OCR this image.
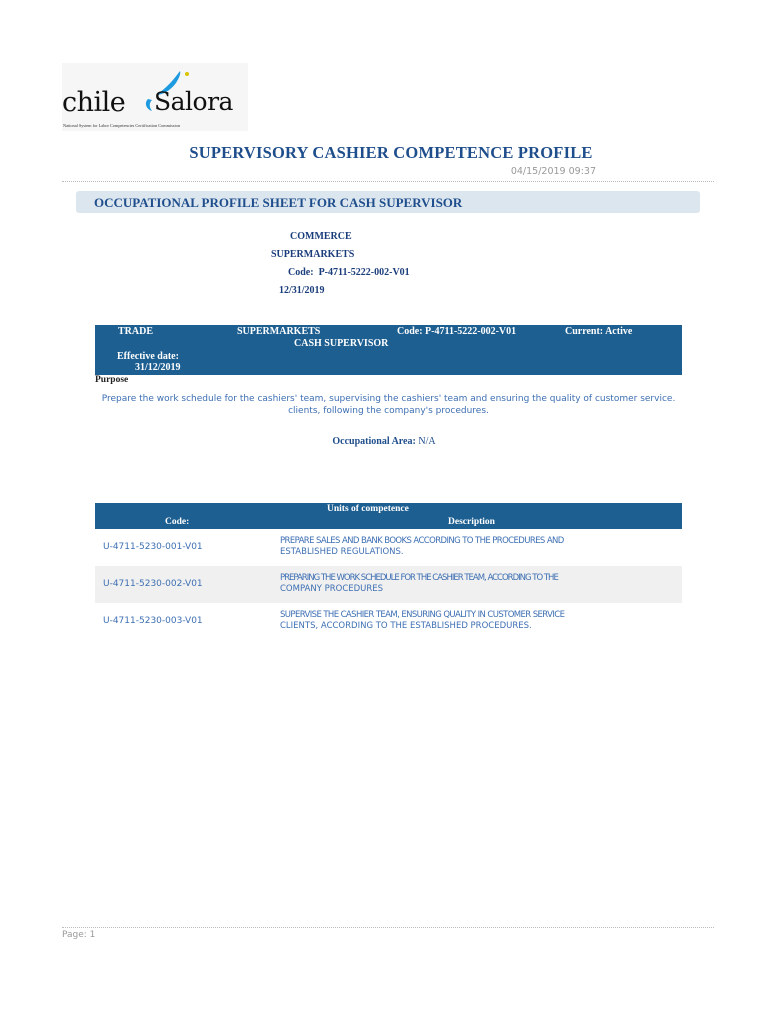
chile Salora
National System for Labor Competencies Certification Commission
SUPERVISORY CASHIER COMPETENCE PROFILE
04/15/2019 09:37
OCCUPATIONAL PROFILE SHEET FOR CASH SUPERVISOR
COMMERCE
SUPERMARKETS
Code: P-4711-5222-002-V01
12/31/2019
TRADE	SUPERMARKETS	Code: P-4711-5222-002-V01	Current: Active
CASH SUPERVISOR
Effective date:
31/12/2019
Purpose
Prepare the work schedule for the cashiers' team, supervising the cashiers' team and ensuring the quality of customer service.
clients, following the company's procedures.
Occupational Area: N/A
Units of competence
Code:	Description
U-4711-5230-001-V01
PREPARE SALES AND BANK BOOKS ACCORDING TO THE PROCEDURES AND
ESTABLISHED REGULATIONS.
U-4711-5230-002-V01
PREPARING THE WORK SCHEDULE FOR THE CASHIER TEAM, ACCORDING TO THE
COMPANY PROCEDURES
U-4711-5230-003-V01
SUPERVISE THE CASHIER TEAM, ENSURING QUALITY IN CUSTOMER SERVICE
CLIENTS, ACCORDING TO THE ESTABLISHED PROCEDURES.
Page: 1
